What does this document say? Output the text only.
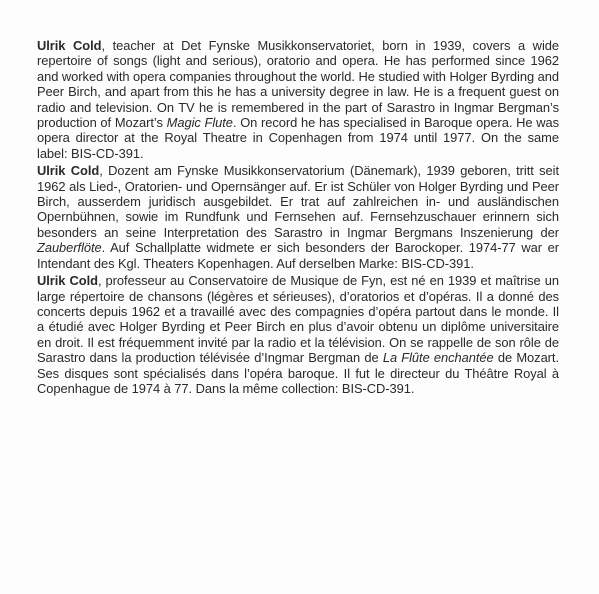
Ulrik Cold, teacher at Det Fynske Musikkonservatoriet, born in 1939, covers a wide repertoire of songs (light and serious), oratorio and opera. He has performed since 1962 and worked with opera companies throughout the world. He studied with Holger Byrding and Peer Birch, and apart from this he has a university degree in law. He is a frequent guest on radio and television. On TV he is remembered in the part of Sarastro in Ingmar Bergman’s production of Mozart’s Magic Flute. On record he has specialised in Baroque opera. He was opera director at the Royal Theatre in Copenhagen from 1974 until 1977. On the same label: BIS-CD-391.

Ulrik Cold, Dozent am Fynske Musikkonservatorium (Dänemark), 1939 geboren, tritt seit 1962 als Lied-, Oratorien- und Opernsänger auf. Er ist Schüler von Holger Byrding und Peer Birch, ausserdem juridisch ausgebildet. Er trat auf zahlreichen in- und ausländischen Opernbühnen, sowie im Rundfunk und Fernsehen auf. Fernsehzuschauer erinnern sich besonders an seine Interpretation des Sarastro in Ingmar Bergmans Inszenierung der Zauberflöte. Auf Schallplatte widmete er sich besonders der Barockoper. 1974-77 war er Intendant des Kgl. Theaters Kopenhagen. Auf derselben Marke: BIS-CD-391.

Ulrik Cold, professeur au Conservatoire de Musique de Fyn, est né en 1939 et maîtrise un large répertoire de chansons (légères et sérieuses), d’oratorios et d’opéras. Il a donné des concerts depuis 1962 et a travaillé avec des compagnies d’opéra partout dans le monde. Il a étudié avec Holger Byrding et Peer Birch en plus d’avoir obtenu un diplôme universitaire en droit. Il est fréquemment invité par la radio et la télévision. On se rappelle de son rôle de Sarastro dans la production télévisée d’Ingmar Bergman de La Flûte enchantée de Mozart. Ses disques sont spécialisés dans l’opéra baroque. Il fut le directeur du Théâtre Royal à Copenhague de 1974 à 77. Dans la même collection: BIS-CD-391.
